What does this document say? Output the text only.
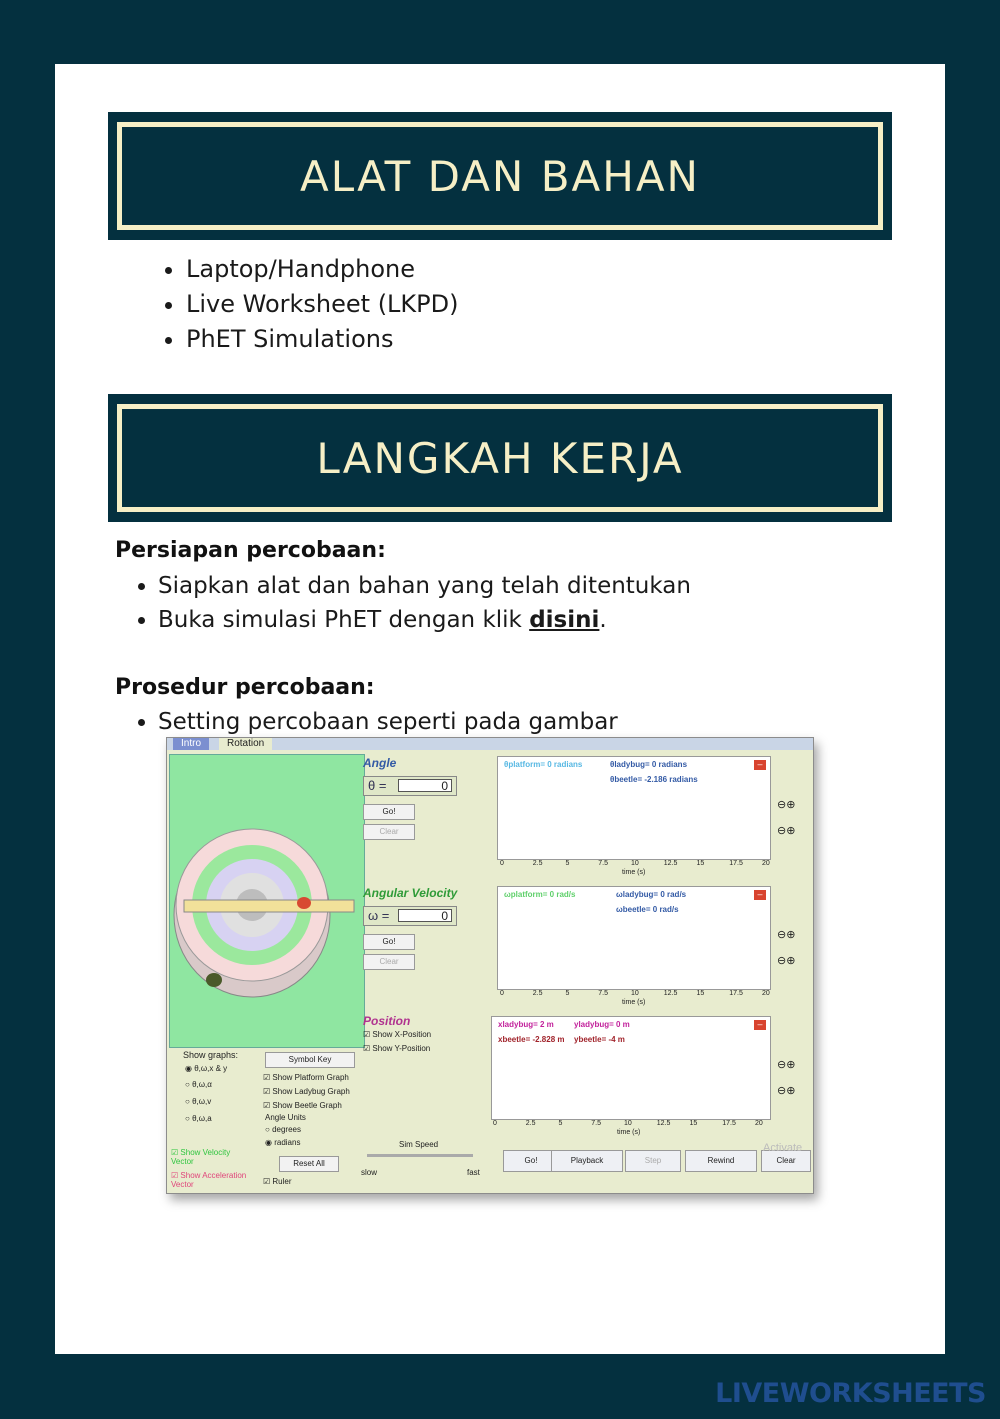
ALAT DAN BAHAN
• Laptop/Handphone
• Live Worksheet (LKPD)
• PhET Simulations
LANGKAH KERJA
Persiapan percobaan:
• Siapkan alat dan bahan yang telah ditentukan
• Buka simulasi PhET dengan klik disini.
Prosedur percobaan:
• Setting percobaan seperti pada gambar
Intro	Rotation
Angle
θ =	0
Go!
Clear
Angular Velocity
ω =	0
Go!
Clear
Position
☑ Show X-Position
☑ Show Y-Position
θplatform= 0 radians	θladybug= 0 radians
θbeetle= -2.186 radians
–
0	2.5	5	7.5	10	12.5	15	17.5	20
time (s)
ωplatform= 0 rad/s	ωladybug= 0 rad/s
ωbeetle= 0 rad/s
–
0	2.5	5	7.5	10	12.5	15	17.5	20
time (s)
xladybug= 2 m	yladybug= 0 m
xbeetle= -2.828 m ybeetle= -4 m
–
0	2.5	5	7.5	10	12.5	15	17.5	20
time (s)
⊖⊕
⊖⊕
⊖⊕
⊖⊕
⊖⊕
⊖⊕
Show graphs:
◉ θ,ω,x & y
○ θ,ω,α
○ θ,ω,v
○ θ,ω,a
Symbol Key
☑ Show Platform Graph
☑ Show Ladybug Graph
☑ Show Beetle Graph
Angle Units
○ degrees
◉ radians
☑ Show Velocity Vector
☑ Show Acceleration Vector
Reset All
☑ Ruler
Sim Speed
slow	fast
Go!	Playback	Step	Rewind	Clear
Activate
LIVEWORKSHEETS
